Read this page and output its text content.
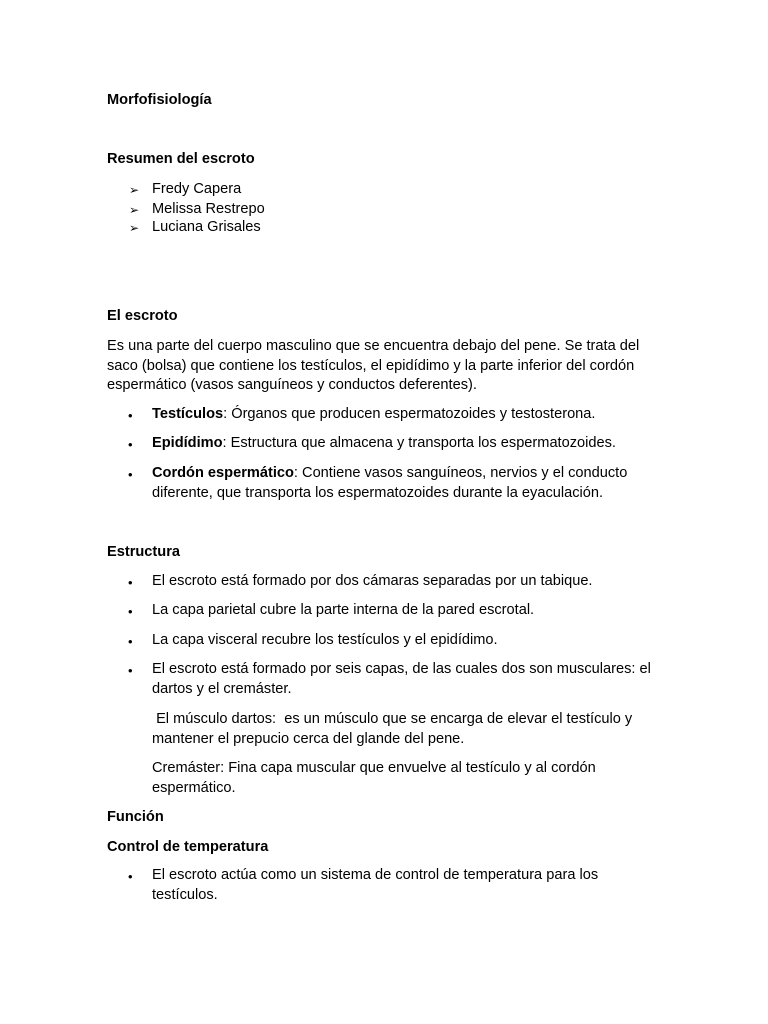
Morfofisiología

Resumen del escroto

➢ Fredy Capera

➢ Melissa Restrepo

➢ Luciana Grisales

El escroto

Es una parte del cuerpo masculino que se encuentra debajo del pene. Se trata del saco (bolsa) que contiene los testículos, el epidídimo y la parte inferior del cordón espermático (vasos sanguíneos y conductos deferentes).

• Testículos: Órganos que producen espermatozoides y testosterona.

• Epidídimo: Estructura que almacena y transporta los espermatozoides.

• Cordón espermático: Contiene vasos sanguíneos, nervios y el conducto diferente, que transporta los espermatozoides durante la eyaculación.

Estructura

• El escroto está formado por dos cámaras separadas por un tabique.

• La capa parietal cubre la parte interna de la pared escrotal.

• La capa visceral recubre los testículos y el epidídimo.

• El escroto está formado por seis capas, de las cuales dos son musculares: el dartos y el cremáster.

El músculo dartos:  es un músculo que se encarga de elevar el testículo y mantener el prepucio cerca del glande del pene.

Cremáster: Fina capa muscular que envuelve al testículo y al cordón espermático.

Función

Control de temperatura

• El escroto actúa como un sistema de control de temperatura para los testículos.
